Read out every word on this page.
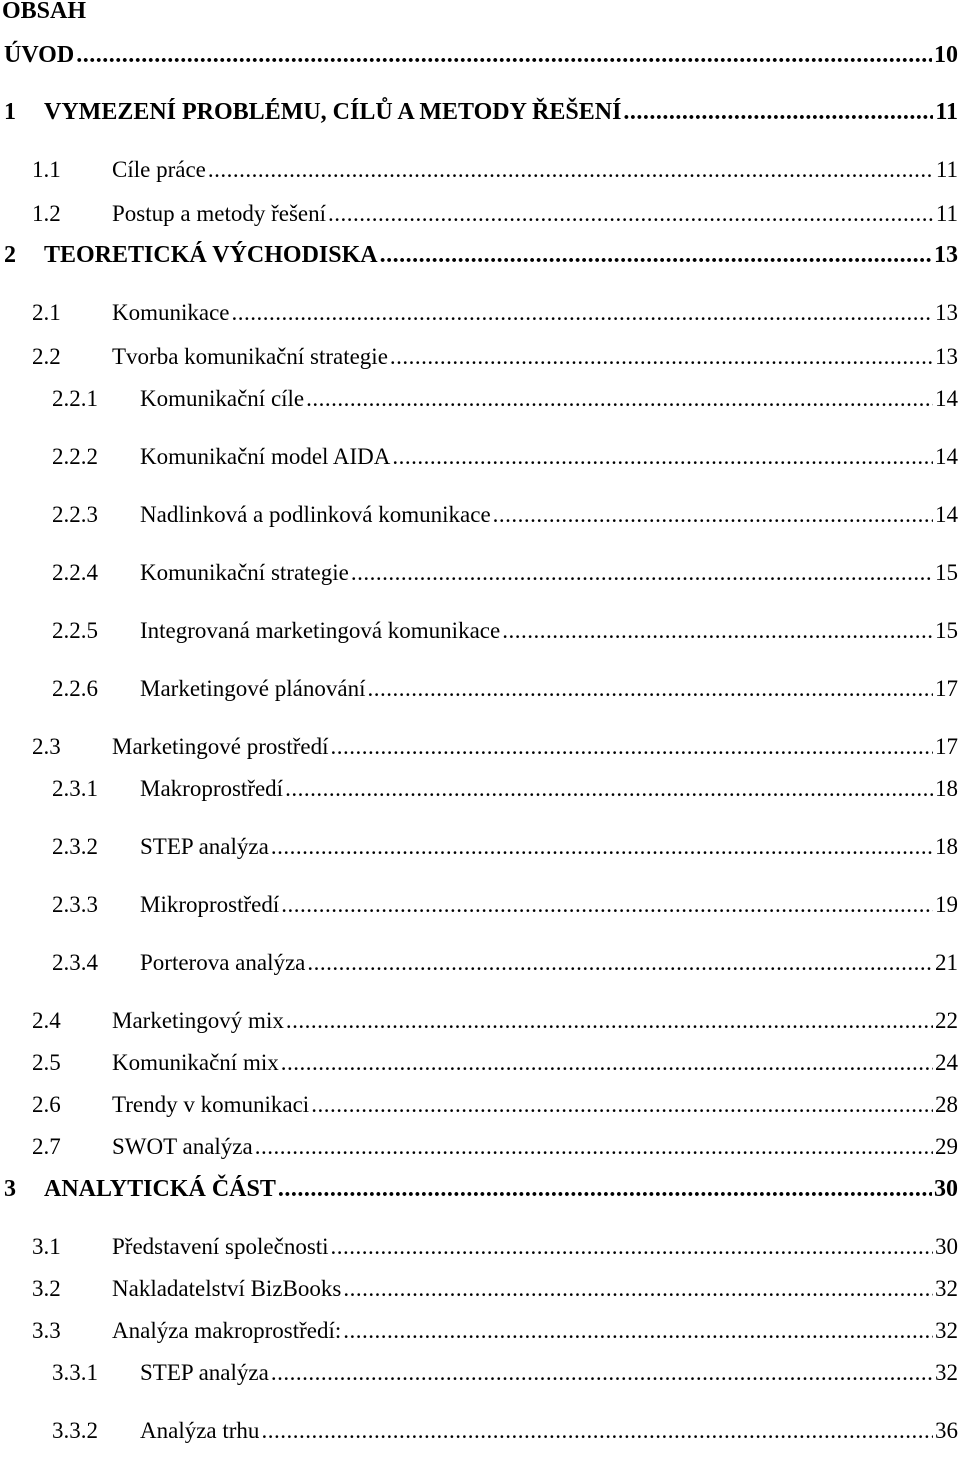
OBSAH
ÚVOD .....	10
1	VYMEZENÍ PROBLÉMU, CÍLŮ A METODY ŘEŠENÍ .....	11
1.1	Cíle práce .....	11
1.2	Postup a metody řešení .....	11
2	TEORETICKÁ VÝCHODISKA .....	13
2.1	Komunikace .....	13
2.2	Tvorba komunikační strategie .....	13
2.2.1	Komunikační cíle .....	14
2.2.2	Komunikační model AIDA .....	14
2.2.3	Nadlinková a podlinková komunikace .....	14
2.2.4	Komunikační strategie .....	15
2.2.5	Integrovaná marketingová komunikace .....	15
2.2.6	Marketingové plánování .....	17
2.3	Marketingové prostředí .....	17
2.3.1	Makroprostředí .....	18
2.3.2	STEP analýza .....	18
2.3.3	Mikroprostředí .....	19
2.3.4	Porterova analýza .....	21
2.4	Marketingový mix .....	22
2.5	Komunikační mix .....	24
2.6	Trendy v komunikaci .....	28
2.7	SWOT analýza .....	29
3	ANALYTICKÁ ČÁST .....	30
3.1	Představení společnosti .....	30
3.2	Nakladatelství BizBooks .....	32
3.3	Analýza makroprostředí: .....	32
3.3.1	STEP analýza .....	32
3.3.2	Analýza trhu .....	36
